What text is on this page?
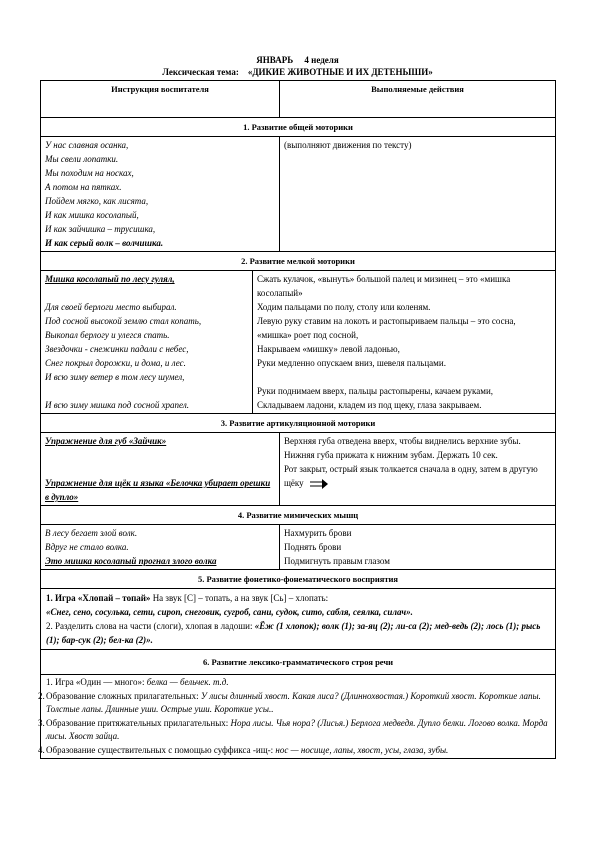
ЯНВАРЬ 4 неделя
Лексическая тема: «ДИКИЕ ЖИВОТНЫЕ И ИХ ДЕТЕНЫШИ»
Инструкция воспитателя	Выполняемые действия
1. Развитие общей моторики
У нас славная осанка,
Мы свели лопатки.
Мы походим на носках,
А потом на пятках.
Пойдем мягко, как лисята,
И как мишка косолапый,
И как зайчишка – трусишка,
И как серый волк – волчишка.
(выполняют движения по тексту)
2. Развитие мелкой моторики
Мишка косолапый по лесу гулял,
Для своей берлоги место выбирал.
Под сосной высокой землю стал копать,
Выкопал берлогу и улегся спать.
Звездочки - снежинки падали с небес,
Снег покрыл дорожки, и дома, и лес.
И всю зиму ветер в том лесу шумел,
И всю зиму мишка под сосной храпел.
Сжать кулачок, «вынуть» большой палец и мизинец – это «мишка косолапый»
Ходим пальцами по полу, столу или коленям.
Левую руку ставим на локоть и растопыриваем пальцы – это сосна, «мишка» роет под сосной,
Накрываем «мишку» левой ладонью,
Руки медленно опускаем вниз, шевеля пальцами.
Руки поднимаем вверх, пальцы растопырены, качаем руками,
Складываем ладони, кладем из под щеку, глаза закрываем.
3. Развитие артикуляционной моторики
Упражнение для губ «Зайчик»
Упражнение для щёк и языка «Белочка убирает орешки в дупло»
Верхняя губа отведена вверх, чтобы виднелись верхние зубы. Нижняя губа прижата к нижним зубам. Держать 10 сек.
Рот закрыт, острый язык толкается сначала в одну, затем в другую щёку
4. Развитие мимических мышц
В лесу бегает злой волк.
Вдруг не стало волка.
Это мишка косолапый прогнал злого волка
Нахмурить брови
Поднять брови
Подмигнуть правым глазом
5. Развитие фонетико-фонематического восприятия
1. Игра «Хлопай – топай» На звук [С] – топать, а на звук [Сь] – хлопать:
«Снег, сено, сосулька, сети, сироп, снеговик, сугроб, сани, судок, сито, сабля, сеялка, силач».
2. Разделить слова на части (слоги), хлопая в ладоши: «Ёж (1 хлопок); волк (1); за-яц (2); ли-са (2); мед-ведь (2); лось (1); рысь (1); бар-сук (2); бел-ка (2)».
6. Развитие лексико-грамматического строя речи
1. Игра «Один — много»: белка — бельчек. т.д.
2. Образование сложных прилагательных: У лисы длинный хвост. Какая лиса? (Длиннохвостая.) Короткий хвост. Короткие лапы. Толстые лапы. Длинные уши. Острые уши. Короткие усы..
3. Образование притяжательных прилагательных: Нора лисы. Чья нора? (Лисья.) Берлога медведя. Дупло белки. Логово волка. Морда лисы. Хвост зайца.
4. Образование существительных с помощью суффикса -ищ-: нос — носище, лапы, хвост, усы, глаза, зубы.
